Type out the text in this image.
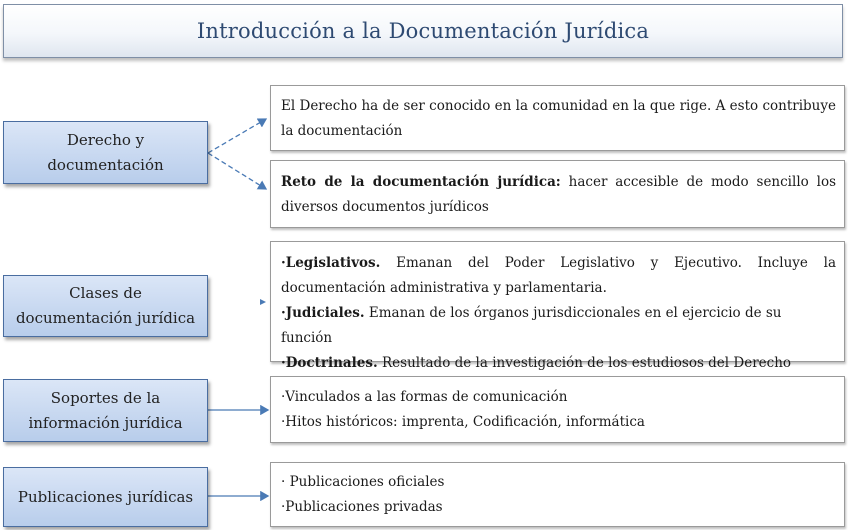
Introducción a la Documentación Jurídica
Derecho y
documentación
El Derecho ha de ser conocido en la comunidad en la que rige. A esto contribuye la documentación
Reto de la documentación jurídica: hacer accesible de modo sencillo los diversos documentos jurídicos
Clases de
documentación jurídica
·Legislativos. Emanan del Poder Legislativo y Ejecutivo. Incluye la documentación administrativa y parlamentaria.
·Judiciales. Emanan de los órganos jurisdiccionales en el ejercicio de su función
·Doctrinales. Resultado de la investigación de los estudiosos del Derecho
Soportes de la
información jurídica
·Vinculados a las formas de comunicación
·Hitos históricos: imprenta, Codificación, informática
Publicaciones jurídicas
· Publicaciones oficiales
·Publicaciones privadas
